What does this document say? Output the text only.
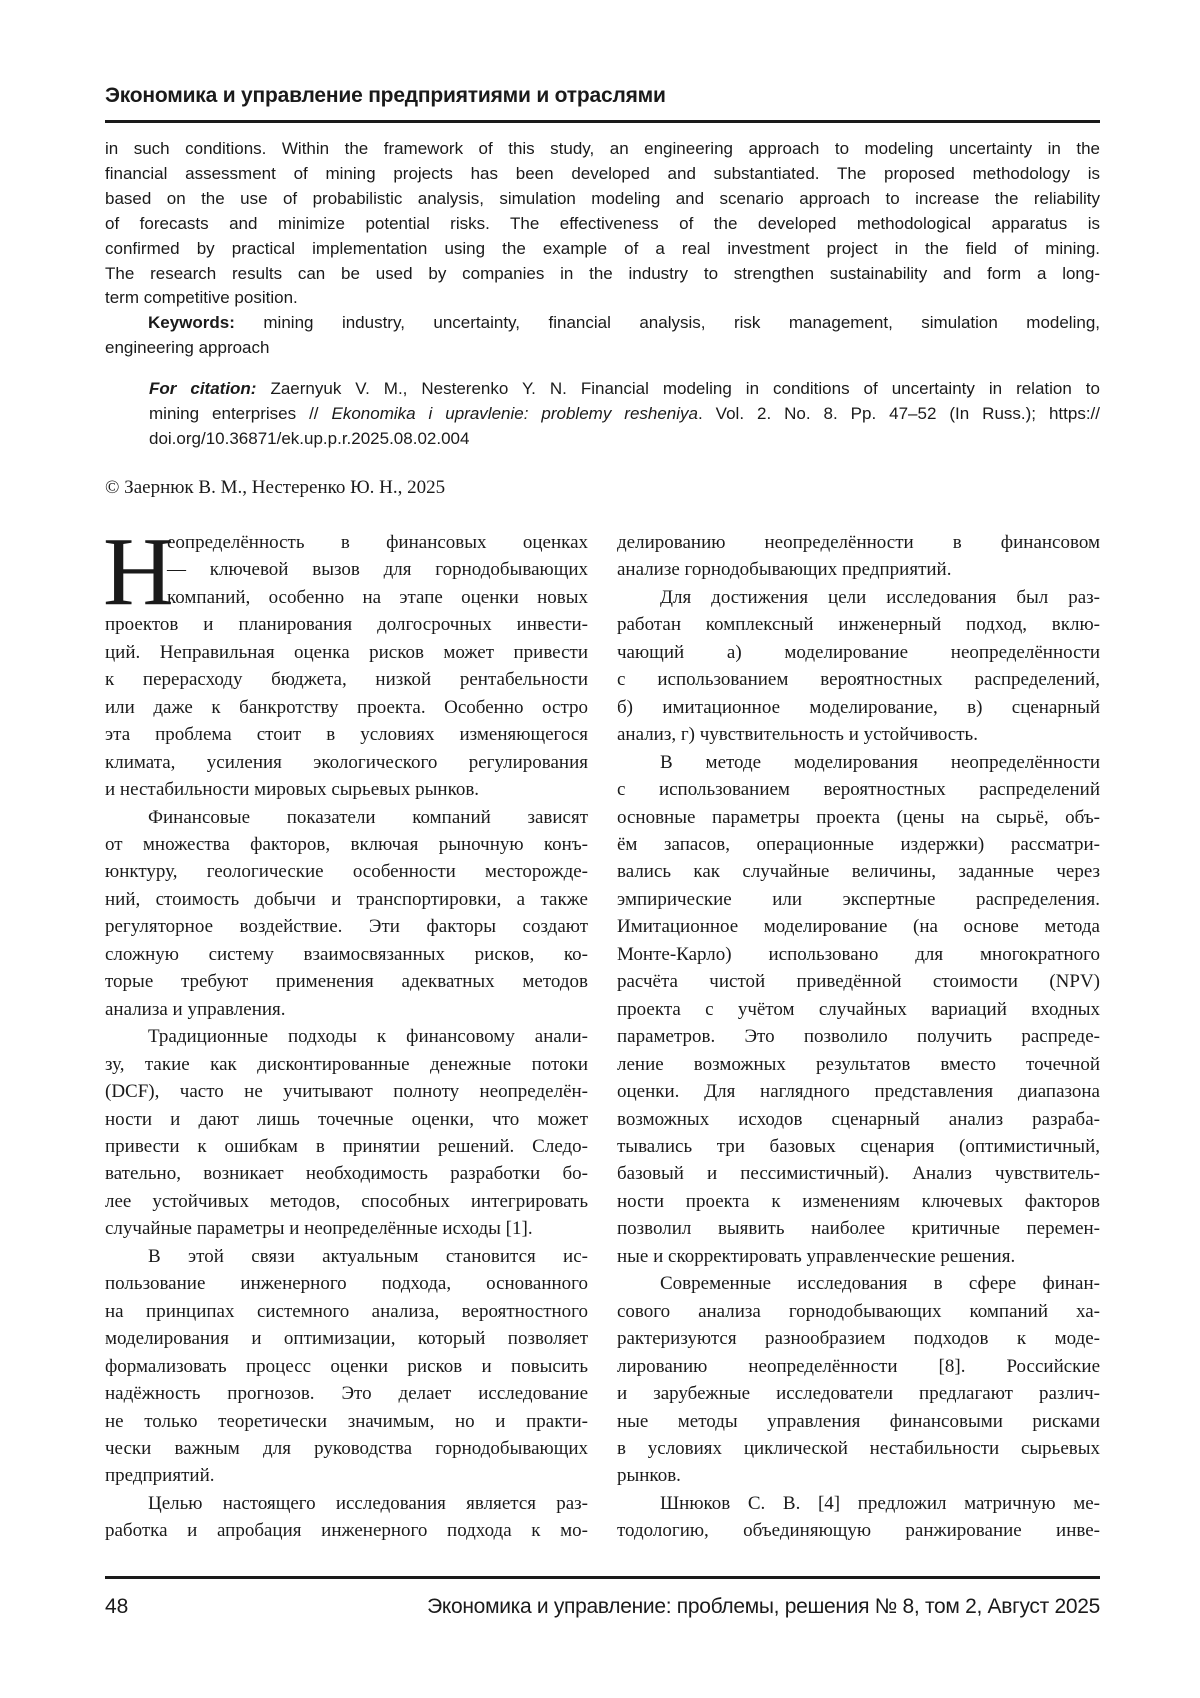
Экономика и управление предприятиями и отраслями
in such conditions. Within the framework of this study, an engineering approach to modeling uncertainty in the
financial assessment of mining projects has been developed and substantiated. The proposed methodology is
based on the use of probabilistic analysis, simulation modeling and scenario approach to increase the reliability
of forecasts and minimize potential risks. The effectiveness of the developed methodological apparatus is
confirmed by practical implementation using the example of a real investment project in the field of mining.
The research results can be used by companies in the industry to strengthen sustainability and form a long-
term competitive position.
Keywords: mining industry, uncertainty, financial analysis, risk management, simulation modeling,
engineering approach
For citation: Zaernyuk V. M., Nesterenko Y. N. Financial modeling in conditions of uncertainty in relation to
mining enterprises // Ekonomika i upravlenie: problemy resheniya. Vol. 2. No. 8. Pp. 47–52 (In Russ.); https://
doi.org/10.36871/ek.up.p.r.2025.08.02.004
© Заернюк В. М., Нестеренко Ю. Н., 2025
Н
еопределённость в финансовых оценках
— ключевой вызов для горнодобывающих
компаний, особенно на этапе оценки новых
проектов и планирования долгосрочных инвести-
ций. Неправильная оценка рисков может привести
к перерасходу бюджета, низкой рентабельности
или даже к банкротству проекта. Особенно остро
эта проблема стоит в условиях изменяющегося
климата, усиления экологического регулирования
и нестабильности мировых сырьевых рынков.
Финансовые показатели компаний зависят
от множества факторов, включая рыночную конъ-
юнктуру, геологические особенности месторожде-
ний, стоимость добычи и транспортировки, а также
регуляторное воздействие. Эти факторы создают
сложную систему взаимосвязанных рисков, ко-
торые требуют применения адекватных методов
анализа и управления.
Традиционные подходы к финансовому анали-
зу, такие как дисконтированные денежные потоки
(DCF), часто не учитывают полноту неопределён-
ности и дают лишь точечные оценки, что может
привести к ошибкам в принятии решений. Следо-
вательно, возникает необходимость разработки бо-
лее устойчивых методов, способных интегрировать
случайные параметры и неопределённые исходы [1].
В этой связи актуальным становится ис-
пользование инженерного подхода, основанного
на принципах системного анализа, вероятностного
моделирования и оптимизации, который позволяет
формализовать процесс оценки рисков и повысить
надёжность прогнозов. Это делает исследование
не только теоретически значимым, но и практи-
чески важным для руководства горнодобывающих
предприятий.
Целью настоящего исследования является раз-
работка и апробация инженерного подхода к мо-
делированию неопределённости в финансовом
анализе горнодобывающих предприятий.
Для достижения цели исследования был раз-
работан комплексный инженерный подход, вклю-
чающий а) моделирование неопределённости
с использованием вероятностных распределений,
б) имитационное моделирование, в) сценарный
анализ, г) чувствительность и устойчивость.
В методе моделирования неопределённости
с использованием вероятностных распределений
основные параметры проекта (цены на сырьё, объ-
ём запасов, операционные издержки) рассматри-
вались как случайные величины, заданные через
эмпирические или экспертные распределения.
Имитационное моделирование (на основе метода
Монте-Карло) использовано для многократного
расчёта чистой приведённой стоимости (NPV)
проекта с учётом случайных вариаций входных
параметров. Это позволило получить распреде-
ление возможных результатов вместо точечной
оценки. Для наглядного представления диапазона
возможных исходов сценарный анализ разраба-
тывались три базовых сценария (оптимистичный,
базовый и пессимистичный). Анализ чувствитель-
ности проекта к изменениям ключевых факторов
позволил выявить наиболее критичные перемен-
ные и скорректировать управленческие решения.
Современные исследования в сфере финан-
сового анализа горнодобывающих компаний ха-
рактеризуются разнообразием подходов к моде-
лированию неопределённости [8]. Российские
и зарубежные исследователи предлагают различ-
ные методы управления финансовыми рисками
в условиях циклической нестабильности сырьевых
рынков.
Шнюков С. В. [4] предложил матричную ме-
тодологию, объединяющую ранжирование инве-
48	Экономика и управление: проблемы, решения № 8, том 2, Август 2025
